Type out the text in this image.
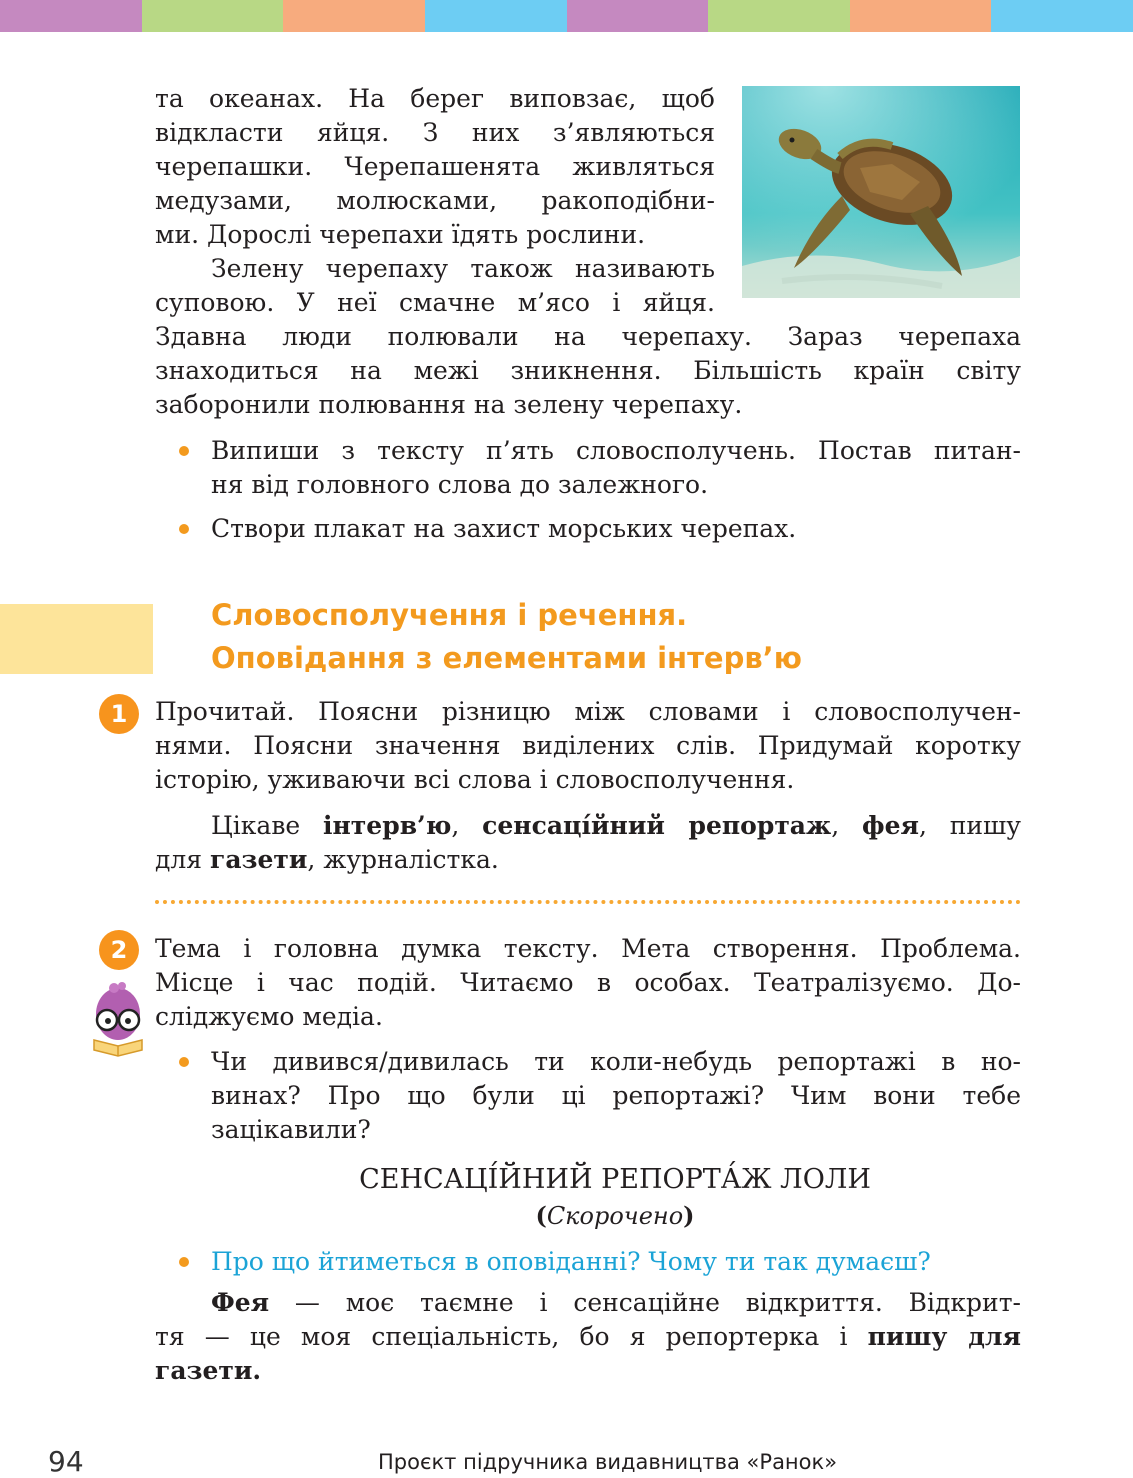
та океанах. На берег виповзає, щоб
відкласти яйця. З них з’являються
черепашки. Черепашенята живляться
медузами, молюсками, ракоподібни-
ми. Дорослі черепахи їдять рослини.
Зелену черепаху також називають
суповою. У неї смачне м’ясо і яйця.
Здавна люди полювали на черепаху. Зараз черепаха
знаходиться на межі зникнення. Більшість країн світу
заборонили полювання на зелену черепаху.
Випиши з тексту п’ять словосполучень. Постав питан-
ня від головного слова до залежного.
Створи плакат на захист морських черепах.
Словосполучення і речення.
Оповідання з елементами інтерв’ю
1	Прочитай. Поясни різницю між словами і словосполучен-
нями. Поясни значення виділених слів. Придумай коротку
історію, уживаючи всі слова і словосполучення.
Цікаве інтерв’ю, сенсаці́йний репортаж, фея, пишу
для газети, журналістка.
2	Тема і головна думка тексту. Мета створення. Проблема.
Місце і час подій. Читаємо в особах. Театралізуємо. До-
сліджуємо медіа.
Чи дивився/дивилась ти коли-небудь репортажі в но-
винах? Про що були ці репортажі? Чим вони тебе
зацікавили?
СЕНСАЦІ́ЙНИЙ РЕПОРТА́Ж ЛОЛИ
(Скорочено)
Про що йтиметься в оповіданні? Чому ти так думаєш?
Фея — моє таємне і сенсаційне відкриття. Відкрит-
тя — це моя спеціальність, бо я репортерка і пишу для
газети.
94	Проєкт підручника видавництва «Ранок»
